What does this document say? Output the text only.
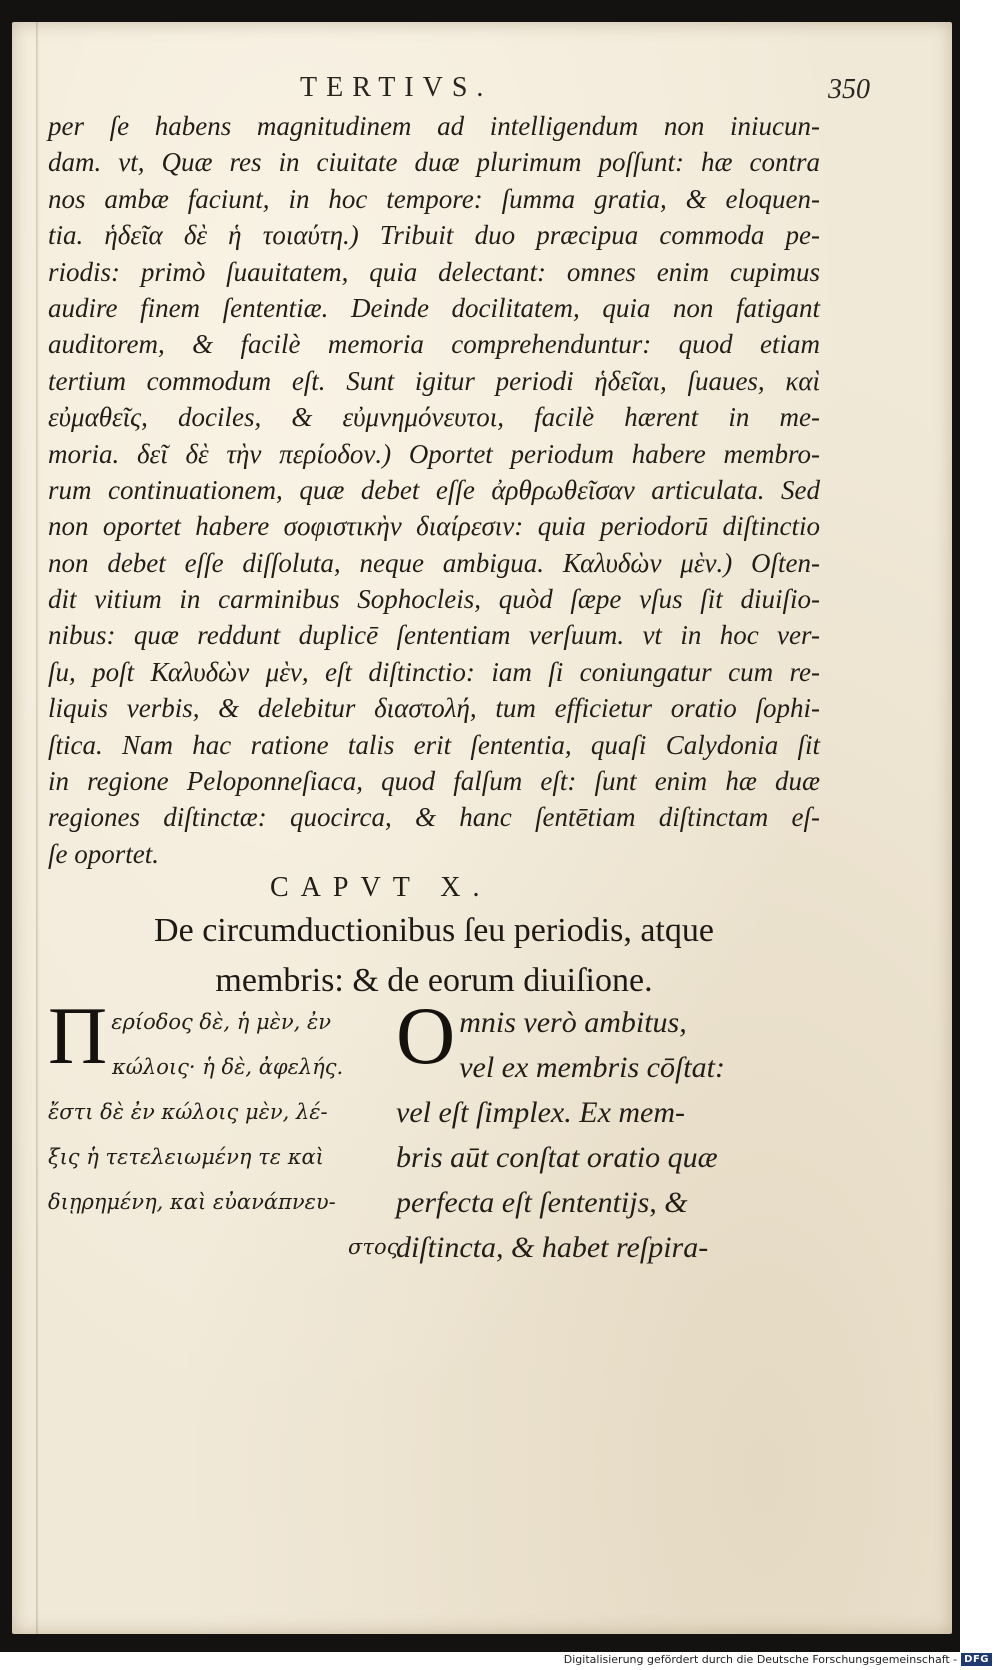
TERTIVS.	350
per ſe habens magnitudinem ad intelligendum non iniucun-
dam. vt, Quæ res in ciuitate duæ plurimum poſſunt: hæ contra
nos ambæ faciunt, in hoc tempore: ſumma gratia, & eloquen-
tia. ἡδεῖα δὲ ἡ τοιαύτη.) Tribuit duo præcipua commoda pe-
riodis: primò ſuauitatem, quia delectant: omnes enim cupimus
audire finem ſententiæ. Deinde docilitatem, quia non fatigant
auditorem, & facilè memoria comprehenduntur: quod etiam
tertium commodum eſt. Sunt igitur periodi ἡδεῖαι, ſuaues, καὶ
εὐμαθεῖς, dociles, & εὐμνημόνευτοι, facilè hærent in me-
moria. δεῖ δὲ τὴν περίοδον.) Oportet periodum habere membro-
rum continuationem, quæ debet eſſe ἀρθρωθεῖσαν articulata. Sed
non oportet habere σοφιστικὴν διαίρεσιν: quia periodorū diſtinctio
non debet eſſe diſſoluta, neque ambigua. Καλυδὼν μὲν.) Oſten-
dit vitium in carminibus Sophocleis, quòd ſæpe vſus ſit diuiſio-
nibus: quæ reddunt duplicē ſententiam verſuum. vt in hoc ver-
ſu, poſt Καλυδὼν μὲν, eſt diſtinctio: iam ſi coniungatur cum re-
liquis verbis, & delebitur διαστολή, tum efficietur oratio ſophi-
ſtica. Nam hac ratione talis erit ſententia, quaſi Calydonia ſit
in regione Peloponneſiaca, quod falſum eſt: ſunt enim hæ duæ
regiones diſtinctæ: quocirca, & hanc ſentētiam diſtinctam eſ-
ſe oportet.
CAPVT X.
De circumductionibus ſeu periodis, atque
membris: & de eorum diuiſione.
Π ερίοδος δὲ, ἡ μὲν, ἐν
κώλοις· ἡ δὲ, ἀφελής.
ἔστι δὲ ἐν κώλοις μὲν, λέ-
ξις ἡ τετελειωμένη τε καὶ
διῃρημένη, καὶ εὐανάπνευ-
στος
O mnis verò ambitus,
vel ex membris cōſtat:
vel eſt ſimplex. Ex mem-
bris aūt conſtat oratio quæ
perfecta eſt ſententijs, &
diſtincta, & habet reſpira-
Digitalisierung gefördert durch die Deutsche Forschungsgemeinschaft - DFG
